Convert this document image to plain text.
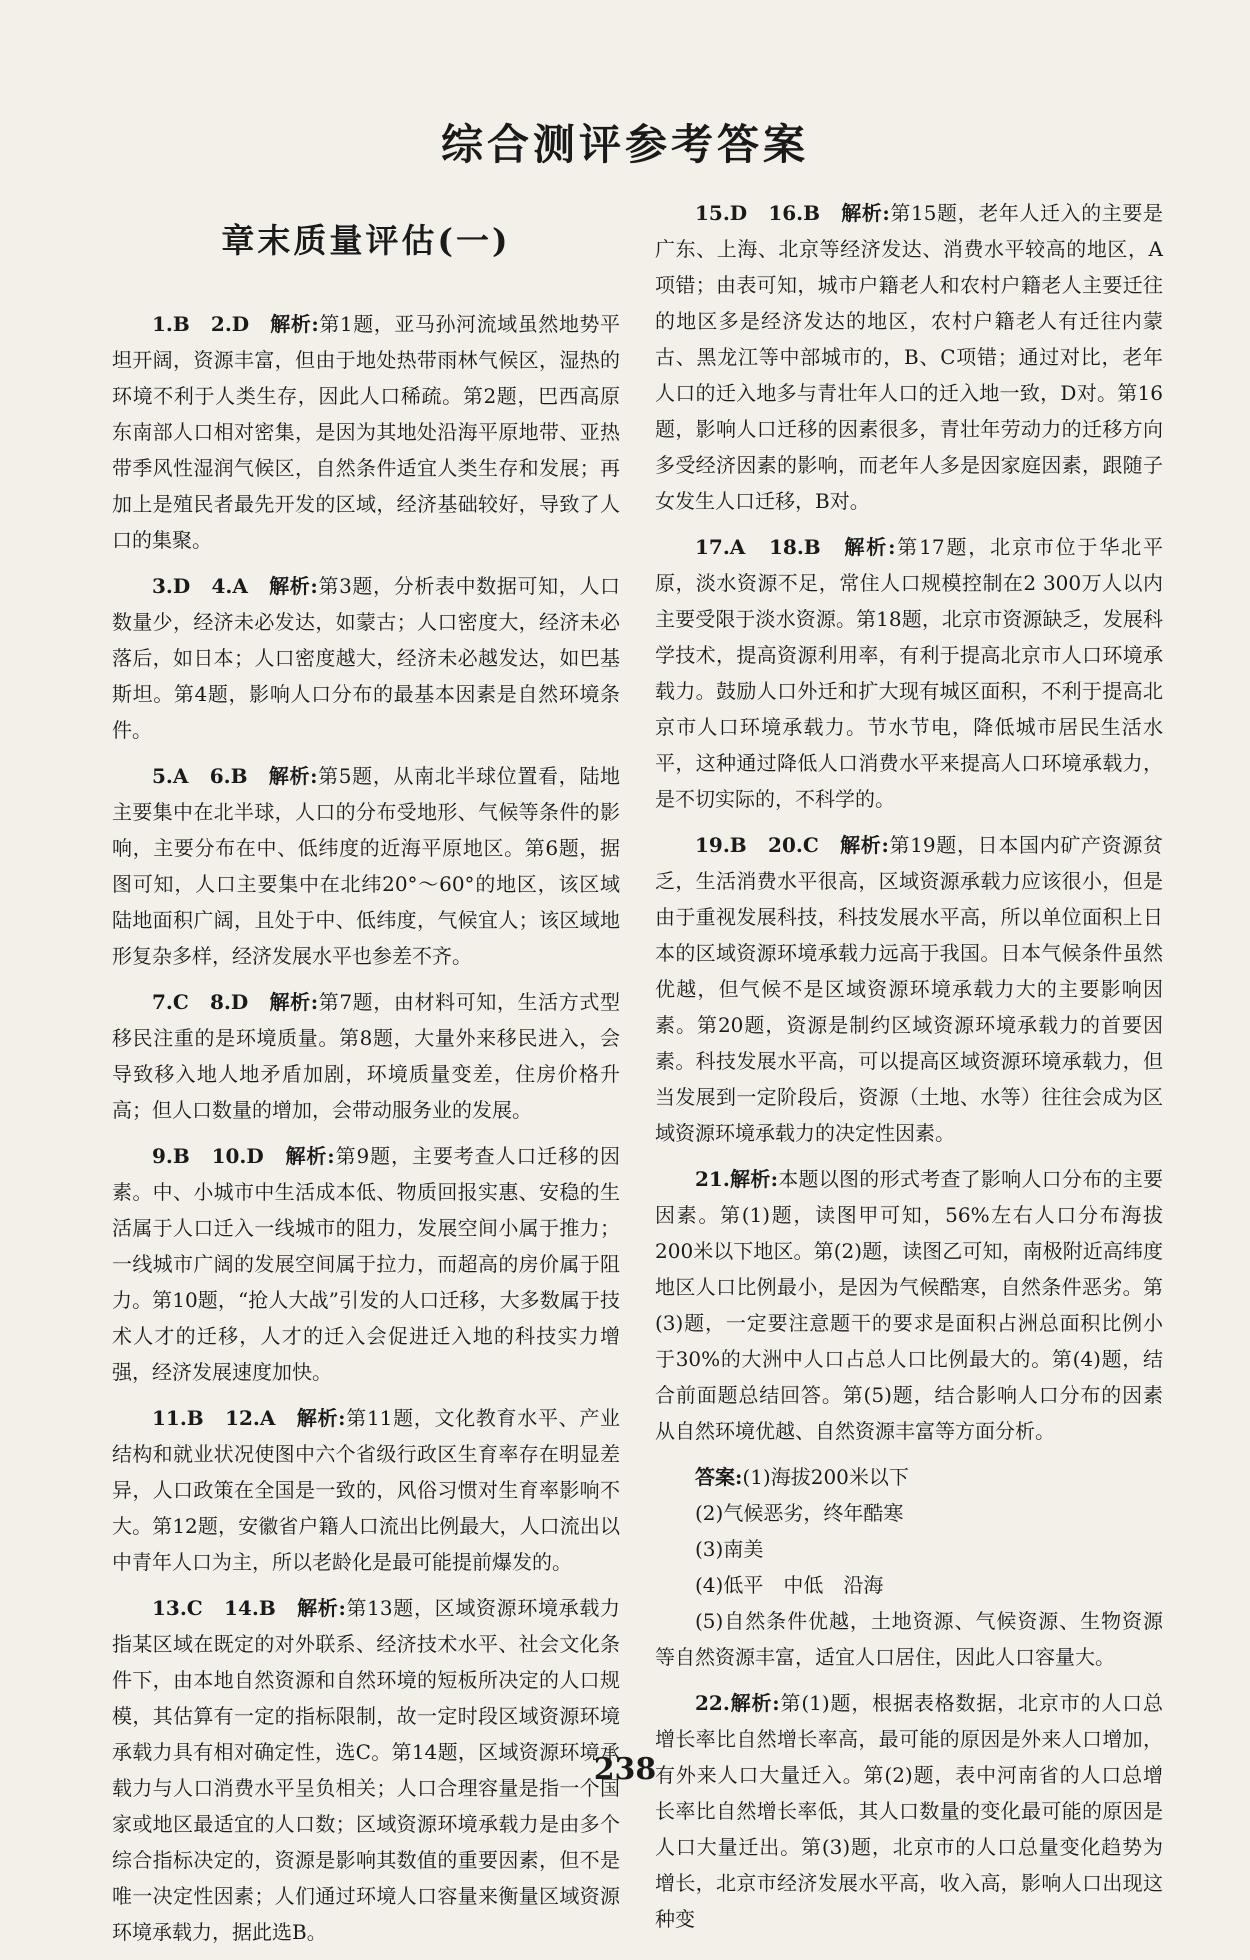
综合测评参考答案
章末质量评估(一)

1.B　2.D　 解析:第1题，亚马孙河流域虽然地势平坦开阔，资源丰富，但由于地处热带雨林气候区，湿热的环境不利于人类生存，因此人口稀疏。第2题，巴西高原东南部人口相对密集，是因为其地处沿海平原地带、亚热带季风性湿润气候区，自然条件适宜人类生存和发展；再加上是殖民者最先开发的区域，经济基础较好，导致了人口的集聚。

3.D　4.A　 解析:第3题，分析表中数据可知，人口数量少，经济未必发达，如蒙古；人口密度大，经济未必落后，如日本；人口密度越大，经济未必越发达，如巴基斯坦。第4题，影响人口分布的最基本因素是自然环境条件。

5.A　6.B　 解析:第5题，从南北半球位置看，陆地主要集中在北半球，人口的分布受地形、气候等条件的影响，主要分布在中、低纬度的近海平原地区。第6题，据图可知，人口主要集中在北纬20°～60°的地区，该区域陆地面积广阔，且处于中、低纬度，气候宜人；该区域地形复杂多样，经济发展水平也参差不齐。

7.C　8.D　 解析:第7题，由材料可知，生活方式型移民注重的是环境质量。第8题，大量外来移民进入，会导致移入地人地矛盾加剧，环境质量变差，住房价格升高；但人口数量的增加，会带动服务业的发展。

9.B　10.D　 解析:第9题，主要考查人口迁移的因素。中、小城市中生活成本低、物质回报实惠、安稳的生活属于人口迁入一线城市的阻力，发展空间小属于推力；一线城市广阔的发展空间属于拉力，而超高的房价属于阻力。第10题，“抢人大战”引发的人口迁移，大多数属于技术人才的迁移，人才的迁入会促进迁入地的科技实力增强，经济发展速度加快。

11.B　12.A　 解析:第11题，文化教育水平、产业结构和就业状况使图中六个省级行政区生育率存在明显差异，人口政策在全国是一致的，风俗习惯对生育率影响不大。第12题，安徽省户籍人口流出比例最大，人口流出以中青年人口为主，所以老龄化是最可能提前爆发的。

13.C　14.B　 解析:第13题，区域资源环境承载力指某区域在既定的对外联系、经济技术水平、社会文化条件下，由本地自然资源和自然环境的短板所决定的人口规模，其估算有一定的指标限制，故一定时段区域资源环境承载力具有相对确定性，选C。第14题，区域资源环境承载力与人口消费水平呈负相关；人口合理容量是指一个国家或地区最适宜的人口数；区域资源环境承载力是由多个综合指标决定的，资源是影响其数值的重要因素，但不是唯一决定性因素；人们通过环境人口容量来衡量区域资源环境承载力，据此选B。

15.D　16.B　 解析:第15题，老年人迁入的主要是广东、上海、北京等经济发达、消费水平较高的地区，A项错；由表可知，城市户籍老人和农村户籍老人主要迁往的地区多是经济发达的地区，农村户籍老人有迁往内蒙古、黑龙江等中部城市的，B、C项错；通过对比，老年人口的迁入地多与青壮年人口的迁入地一致，D对。第16题，影响人口迁移的因素很多，青壮年劳动力的迁移方向多受经济因素的影响，而老年人多是因家庭因素，跟随子女发生人口迁移，B对。

17.A　18.B　 解析:第17题，北京市位于华北平原，淡水资源不足，常住人口规模控制在2 300万人以内主要受限于淡水资源。第18题，北京市资源缺乏，发展科学技术，提高资源利用率，有利于提高北京市人口环境承载力。鼓励人口外迁和扩大现有城区面积，不利于提高北京市人口环境承载力。节水节电，降低城市居民生活水平，这种通过降低人口消费水平来提高人口环境承载力，是不切实际的，不科学的。

19.B　20.C　 解析:第19题，日本国内矿产资源贫乏，生活消费水平很高，区域资源承载力应该很小，但是由于重视发展科技，科技发展水平高，所以单位面积上日本的区域资源环境承载力远高于我国。日本气候条件虽然优越，但气候不是区域资源环境承载力大的主要影响因素。第20题，资源是制约区域资源环境承载力的首要因素。科技发展水平高，可以提高区域资源环境承载力，但当发展到一定阶段后，资源（土地、水等）往往会成为区域资源环境承载力的决定性因素。

21.解析:本题以图的形式考查了影响人口分布的主要因素。第(1)题，读图甲可知，56%左右人口分布海拔200米以下地区。第(2)题，读图乙可知，南极附近高纬度地区人口比例最小，是因为气候酷寒，自然条件恶劣。第(3)题，一定要注意题干的要求是面积占洲总面积比例小于30%的大洲中人口占总人口比例最大的。第(4)题，结合前面题总结回答。第(5)题，结合影响人口分布的因素从自然环境优越、自然资源丰富等方面分析。

答案:(1)海拔200米以下

(2)气候恶劣，终年酷寒

(3)南美

(4)低平　中低　沿海

(5)自然条件优越，土地资源、气候资源、生物资源等自然资源丰富，适宜人口居住，因此人口容量大。

22.解析:第(1)题，根据表格数据，北京市的人口总增长率比自然增长率高，最可能的原因是外来人口增加，有外来人口大量迁入。第(2)题，表中河南省的人口总增长率比自然增长率低，其人口数量的变化最可能的原因是人口大量迁出。第(3)题，北京市的人口总量变化趋势为增长，北京市经济发展水平高，收入高，影响人口出现这种变

238
